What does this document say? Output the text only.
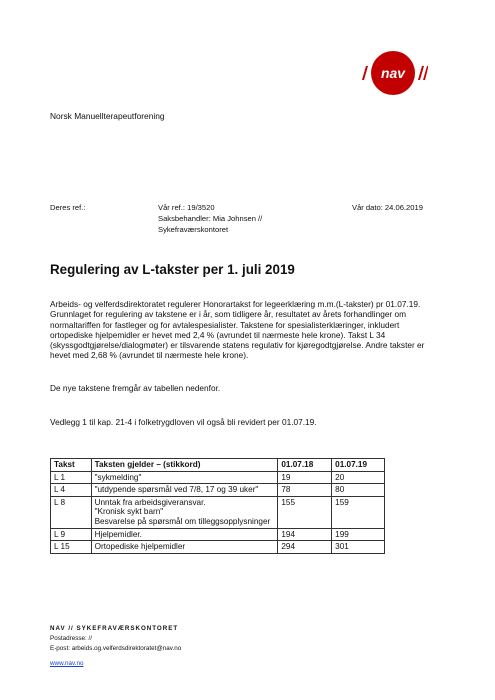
nav
Norsk Manuellterapeutforening
Deres ref.:	Vår ref.: 19/3520
Saksbehandler: Mia Johnsen //
Sykefraværskontoret
Vår dato: 24.06.2019
Regulering av L-takster per 1. juli 2019

Arbeids- og velferdsdirektoratet regulerer Honorartakst for legeerklæring m.m.(L-takster) pr 01.07.19. Grunnlaget for regulering av takstene er i år, som tidligere år, resultatet av årets forhandlinger om normaltariffen for fastleger og for avtalespesialister. Takstene for spesialisterklæringer, inkludert ortopediske hjelpemidler er hevet med 2,4 % (avrundet til nærmeste hele krone). Takst L 34 (skyssgodtgjørelse/dialogmøter) er tilsvarende statens regulativ for kjøregodtgjørelse. Andre takster er hevet med 2,68 % (avrundet til nærmeste hele krone).

De nye takstene fremgår av tabellen nedenfor.

Vedlegg 1 til kap. 21-4 i folketrygdloven vil også bli revidert per 01.07.19.

Takst	Taksten gjelder – (stikkord)	01.07.18	01.07.19
L 1	"sykmelding"	19	20
L 4	"utdypende spørsmål ved 7/8, 17 og 39 uker"	78	80
L 8	Unntak fra arbeidsgiveransvar.
"Kronisk sykt barn"
Besvarelse på spørsmål om tilleggsopplysninger	155	159
L 9	Hjelpemidler.	194	199
L 15	Ortopediske hjelpemidler	294	301
NAV // SYKEFRAVÆRSKONTORET
Postadresse: //
E-post: arbeids.og.velferdsdirektoratet@nav.no
www.nav.no
